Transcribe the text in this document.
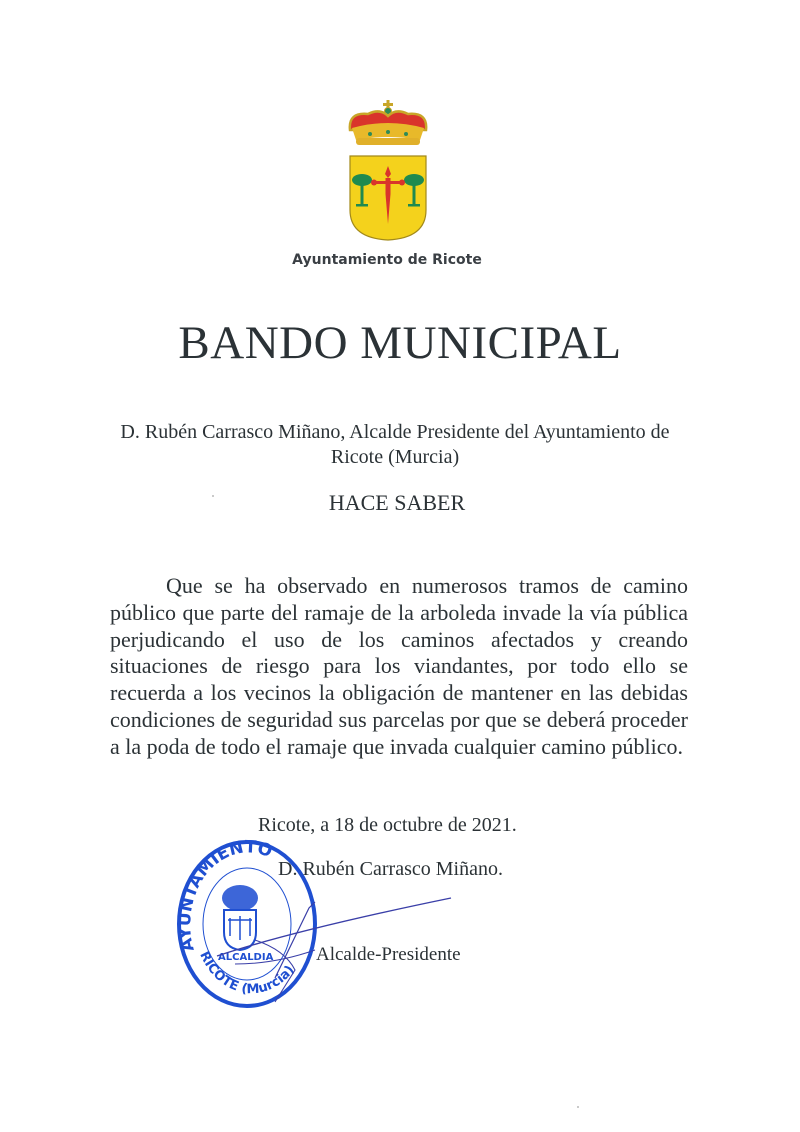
Ayuntamiento de Ricote
BANDO MUNICIPAL
D. Rubén Carrasco Miñano, Alcalde Presidente del Ayuntamiento de Ricote (Murcia)
HACE SABER
Que se ha observado en numerosos tramos de camino público que parte del ramaje de la arboleda invade la vía pública perjudicando el uso de los caminos afectados y creando situaciones de riesgo para los viandantes, por todo ello se recuerda a los vecinos la obligación de mantener en las debidas condiciones de seguridad sus parcelas por que se deberá proceder a la poda de todo el ramaje que invada cualquier camino público.
AYUNTAMIENTO
RICOTE (Murcia)
ALCALDIA
Ricote, a 18 de octubre de 2021.
D. Rubén Carrasco Miñano.
Alcalde-Presidente
